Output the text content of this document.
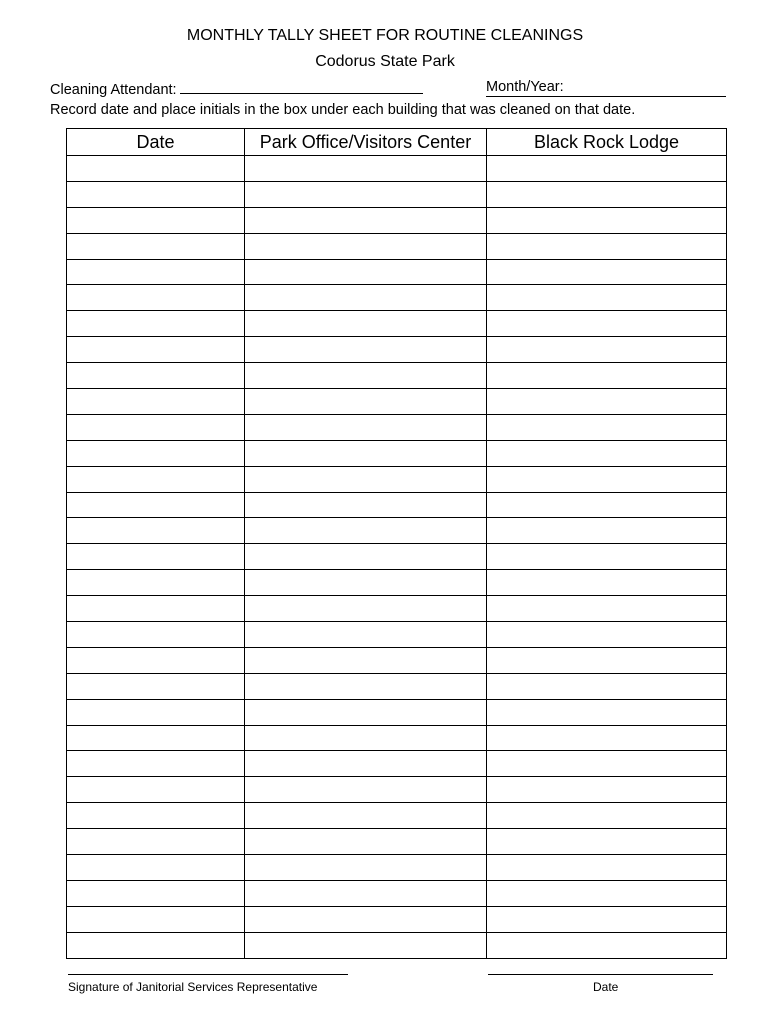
MONTHLY TALLY SHEET FOR ROUTINE CLEANINGS
Codorus State Park
Cleaning Attendant:	Month/Year:
Record date and place initials in the box under each building that was cleaned on that date.
Date	Park Office/Visitors Center	Black Rock Lodge

Signature of Janitorial Services Representative	Date
